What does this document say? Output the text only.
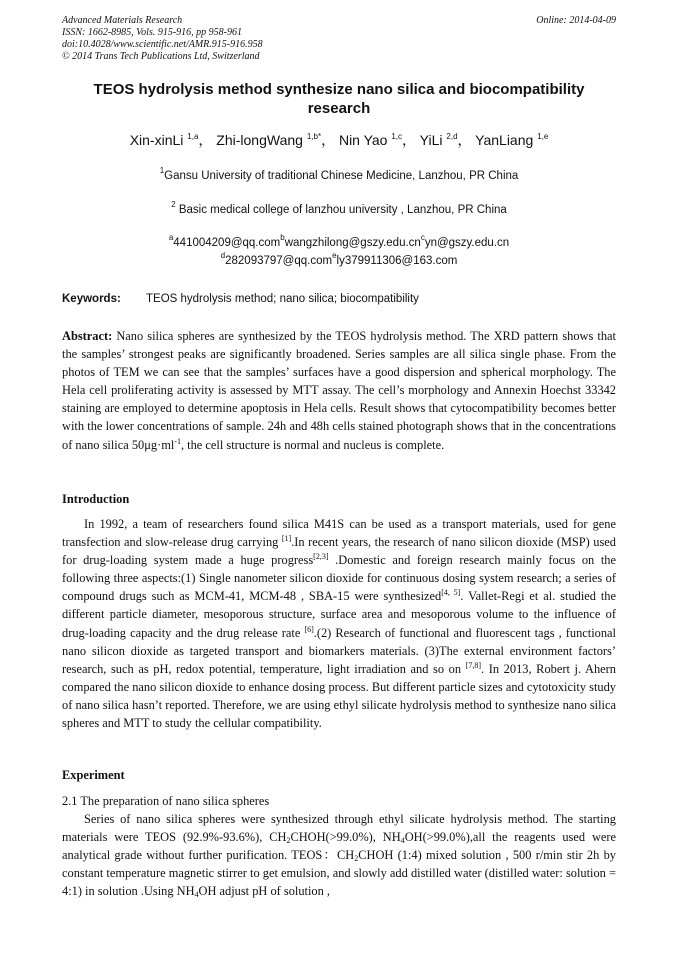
Advanced Materials Research
ISSN: 1662-8985, Vols. 915-916, pp 958-961
doi:10.4028/www.scientific.net/AMR.915-916.958
© 2014 Trans Tech Publications Ltd, Switzerland
Online: 2014-04-09
TEOS hydrolysis method synthesize nano silica and biocompatibility research
Xin-xinLi $^{1,a}$， Zhi-longWang $^{1,b*}$， Nin Yao $^{1,c}$， YiLi $^{2,d}$， YanLiang $^{1,e}$
$^1$Gansu University of traditional Chinese Medicine, Lanzhou, PR China
$^2$ Basic medical college of lanzhou university , Lanzhou, PR China
$^a441004209@qq.com^bwangzhilong@gszy.edu.cn^cyn@gszy.edu.cn$
$^d$282093797@qq.com$^e$ly379911306@163.com
Keywords: TEOS hydrolysis method; nano silica; biocompatibility
Abstract: Nano silica spheres are synthesized by the TEOS hydrolysis method. The XRD pattern shows that the samples’ strongest peaks are significantly broadened. Series samples are all silica single phase. From the photos of TEM we can see that the samples’ surfaces have a good dispersion and spherical morphology. The Hela cell proliferating activity is assessed by MTT assay. The cell’s morphology and Annexin Hoechst 33342 staining are employed to determine apoptosis in Hela cells. Result shows that cytocompatibility becomes better with the lower concentrations of sample. 24h and 48h cells stained photograph shows that in the concentrations of nano silica $50\mu g\cdot ml^{-1}$, the cell structure is normal and nucleus is complete.
Introduction
In 1992, a team of researchers found silica M41S can be used as a transport materials, used for gene transfection and slow-release drug carrying [1].In recent years, the research of nano silicon dioxide (MSP) used for drug-loading system made a huge progress[2,3] .Domestic and foreign research mainly focus on the following three aspects:(1) Single nanometer silicon dioxide for continuous dosing system research; a series of compound drugs such as MCM-41, MCM-48 , SBA-15 were synthesized[4, 5]. Vallet-Regi et al. studied the different particle diameter, mesoporous structure, surface area and mesoporous volume to the influence of drug-loading capacity and the drug release rate [6].(2) Research of functional and fluorescent tags , functional nano silicon dioxide as targeted transport and biomarkers materials. (3)The external environment factors’ research, such as pH, redox potential, temperature, light irradiation and so on [7,8]. In 2013, Robert j. Ahern compared the nano silicon dioxide to enhance dosing process. But different particle sizes and cytotoxicity study of nano silica hasn’t reported. Therefore, we are using ethyl silicate hydrolysis method to synthesize nano silica spheres and MTT to study the cellular compatibility.
Experiment
2.1 The preparation of nano silica spheres
Series of nano silica spheres were synthesized through ethyl silicate hydrolysis method. The starting materials were TEOS (92.9%-93.6%), $CH_2CHOH(>99.0\%)$, $NH_4OH(>99.0\%),all$ the reagents used were analytical grade without further purification. TEOS：$CH_2CHOH$ (1:4) mixed solution , 500 r/min stir 2h by constant temperature magnetic stirrer to get emulsion, and slowly add distilled water (distilled water: solution = 4:1) in solution .Using $NH_4OH$ adjust pH of solution ,
